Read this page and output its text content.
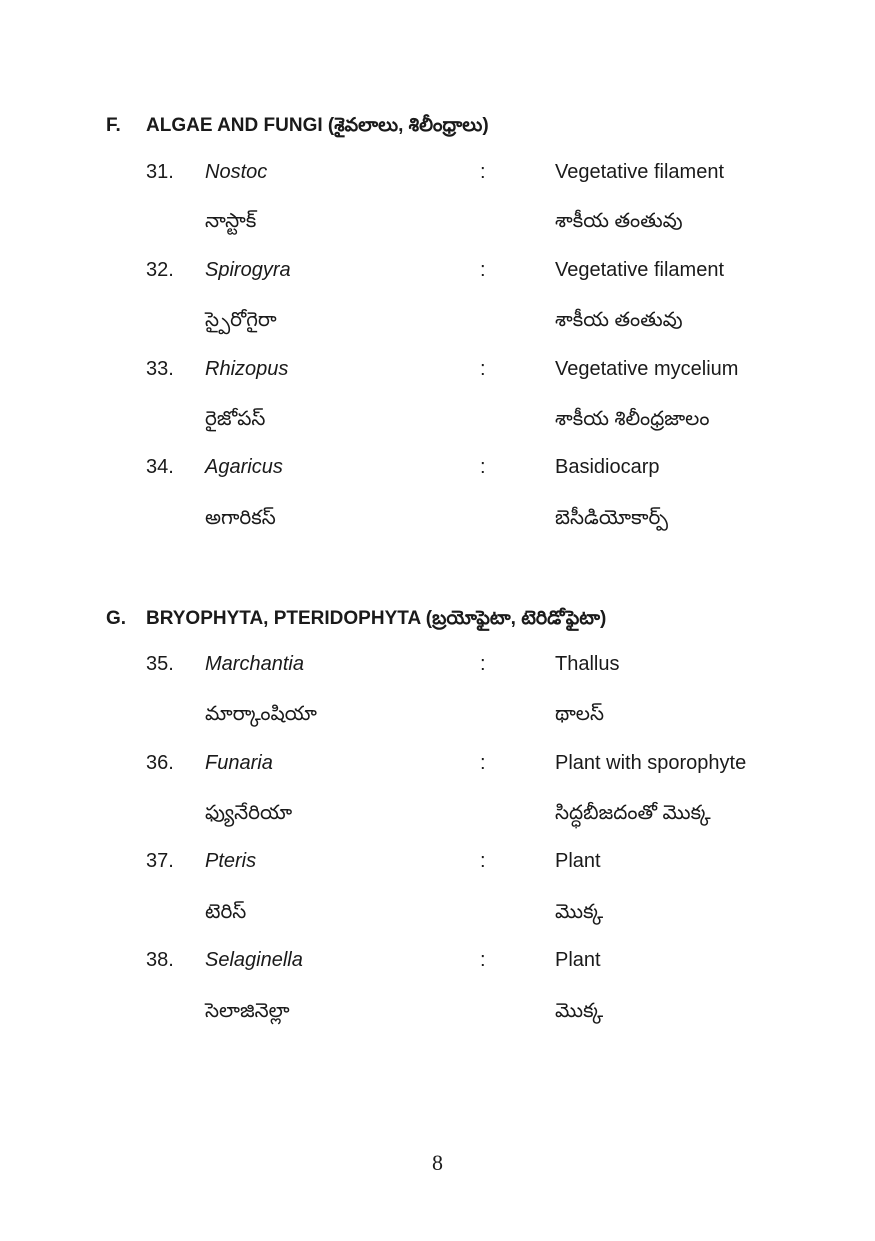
F. ALGAE AND FUNGI (శైవలాలు, శిలీంధ్రాలు)
31. Nostoc	:	Vegetative filament
నాస్టాక్	శాకీయ తంతువు
32. Spirogyra	:	Vegetative filament
స్పైరోగైరా	శాకీయ తంతువు
33. Rhizopus	:	Vegetative mycelium
రైజోపస్	శాకీయ శిలీంధ్రజాలం
34. Agaricus	:	Basidiocarp
అగారికస్	బెసీడియోకార్ప్
G. BRYOPHYTA, PTERIDOPHYTA (బ్రయోఫైటా, టెరిడోఫైటా)
35. Marchantia	:	Thallus
మార్కాంషియా	థాలస్
36. Funaria	:	Plant with sporophyte
ఫ్యునేరియా	సిద్ధబీజదంతో మొక్క
37. Pteris	:	Plant
టెరిస్	మొక్క
38. Selaginella	:	Plant
సెలాజినెల్లా	మొక్క
8
